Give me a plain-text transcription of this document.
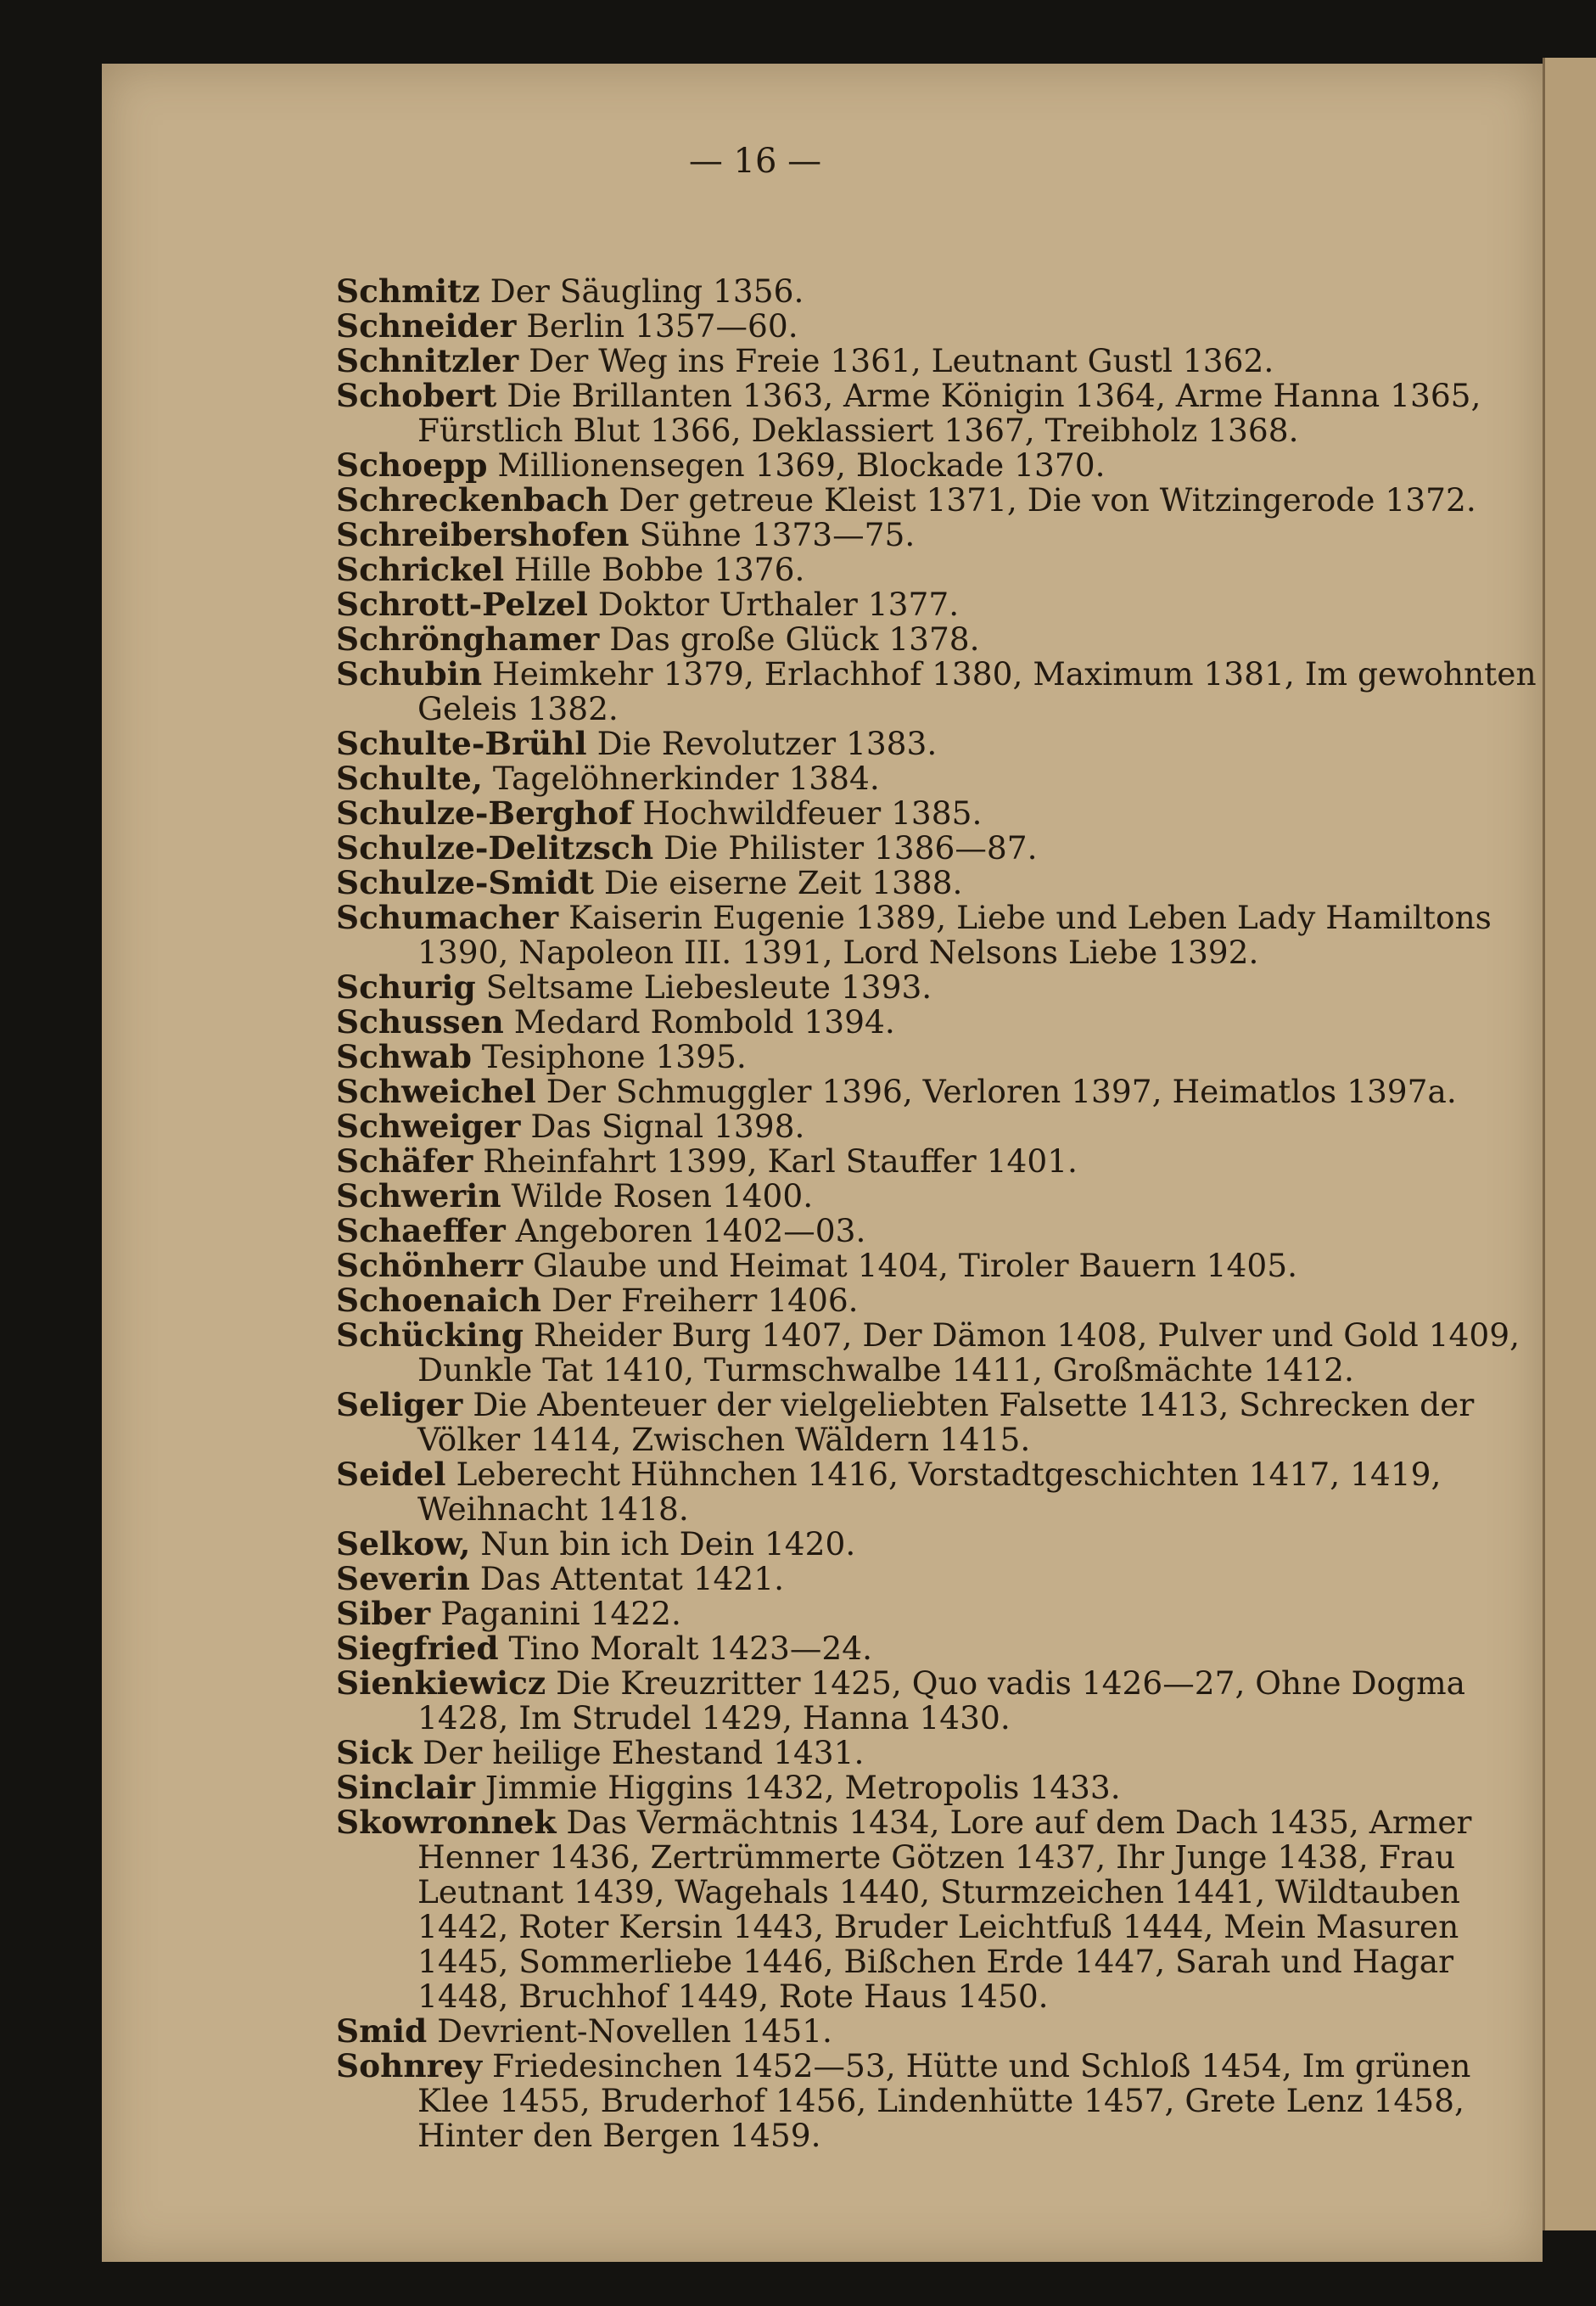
— 16 —

Schmitz Der Säugling 1356.

Schneider Berlin 1357—60.

Schnitzler Der Weg ins Freie 1361, Leutnant Gustl 1362.

Schobert Die Brillanten 1363, Arme Königin 1364, Arme Hanna 1365, Fürstlich Blut 1366, Deklassiert 1367, Treibholz 1368.

Schoepp Millionensegen 1369, Blockade 1370.

Schreckenbach Der getreue Kleist 1371, Die von Witzingerode 1372.

Schreibershofen Sühne 1373—75.

Schrickel Hille Bobbe 1376.

Schrott-Pelzel Doktor Urthaler 1377.

Schrönghamer Das große Glück 1378.

Schubin Heimkehr 1379, Erlachhof 1380, Maximum 1381, Im gewohnten Geleis 1382.

Schulte-Brühl Die Revolutzer 1383.

Schulte, Tagelöhnerkinder 1384.

Schulze-Berghof Hochwildfeuer 1385.

Schulze-Delitzsch Die Philister 1386—87.

Schulze-Smidt Die eiserne Zeit 1388.

Schumacher Kaiserin Eugenie 1389, Liebe und Leben Lady Hamiltons 1390, Napoleon III. 1391, Lord Nelsons Liebe 1392.

Schurig Seltsame Liebesleute 1393.

Schussen Medard Rombold 1394.

Schwab Tesiphone 1395.

Schweichel Der Schmuggler 1396, Verloren 1397, Heimatlos 1397a.

Schweiger Das Signal 1398.

Schäfer Rheinfahrt 1399, Karl Stauffer 1401.

Schwerin Wilde Rosen 1400.

Schaeffer Angeboren 1402—03.

Schönherr Glaube und Heimat 1404, Tiroler Bauern 1405.

Schoenaich Der Freiherr 1406.

Schücking Rheider Burg 1407, Der Dämon 1408, Pulver und Gold 1409, Dunkle Tat 1410, Turmschwalbe 1411, Großmächte 1412.

Seliger Die Abenteuer der vielgeliebten Falsette 1413, Schrecken der Völker 1414, Zwischen Wäldern 1415.

Seidel Leberecht Hühnchen 1416, Vorstadtgeschichten 1417, 1419, Weihnacht 1418.

Selkow, Nun bin ich Dein 1420.

Severin Das Attentat 1421.

Siber Paganini 1422.

Siegfried Tino Moralt 1423—24.

Sienkiewicz Die Kreuzritter 1425, Quo vadis 1426—27, Ohne Dogma 1428, Im Strudel 1429, Hanna 1430.

Sick Der heilige Ehestand 1431.

Sinclair Jimmie Higgins 1432, Metropolis 1433.

Skowronnek Das Vermächtnis 1434, Lore auf dem Dach 1435, Armer Henner 1436, Zertrümmerte Götzen 1437, Ihr Junge 1438, Frau Leutnant 1439, Wagehals 1440, Sturmzeichen 1441, Wildtauben 1442, Roter Kersin 1443, Bruder Leichtfuß 1444, Mein Masuren 1445, Sommerliebe 1446, Bißchen Erde 1447, Sarah und Hagar 1448, Bruchhof 1449, Rote Haus 1450.

Smid Devrient-Novellen 1451.

Sohnrey Friedesinchen 1452—53, Hütte und Schloß 1454, Im grünen Klee 1455, Bruderhof 1456, Lindenhütte 1457, Grete Lenz 1458, Hinter den Bergen 1459.
